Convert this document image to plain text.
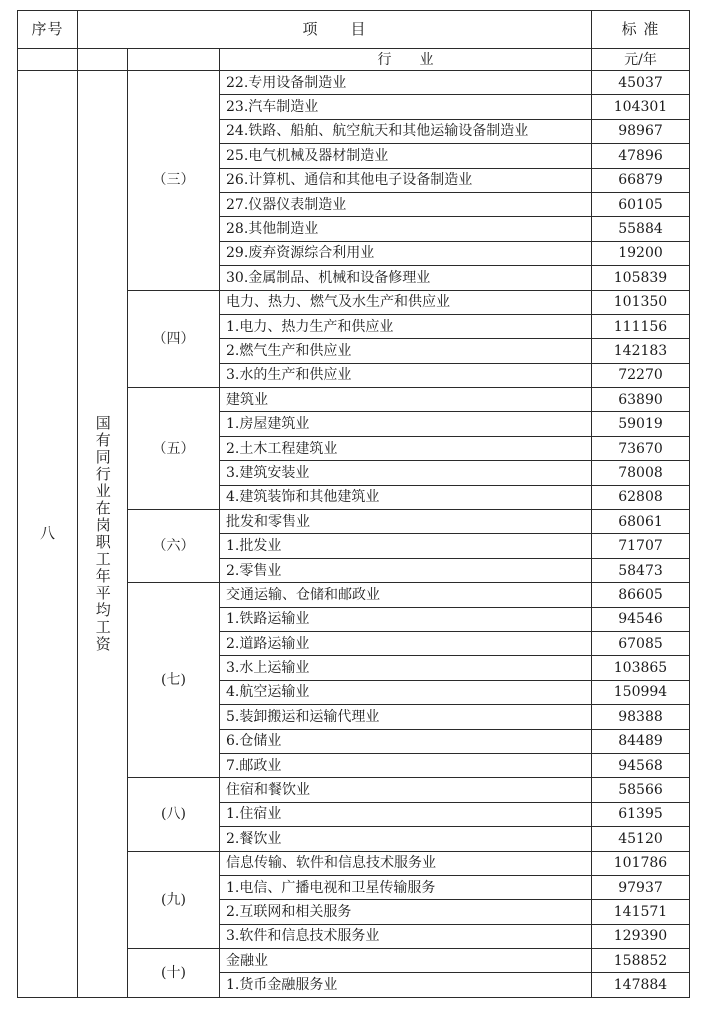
序号	项　　目			标 准
			行　　业	元/年
八	国有同行业在岗职工年平均工资	（三）	22.专用设备制造业	45037
			23.汽车制造业	104301
			24.铁路、船舶、航空航天和其他运输设备制造业	98967
			25.电气机械及器材制造业	47896
			26.计算机、通信和其他电子设备制造业	66879
			27.仪器仪表制造业	60105
			28.其他制造业	55884
			29.废弃资源综合利用业	19200
			30.金属制品、机械和设备修理业	105839
		（四）	电力、热力、燃气及水生产和供应业	101350
			1.电力、热力生产和供应业	111156
			2.燃气生产和供应业	142183
			3.水的生产和供应业	72270
		（五）	建筑业	63890
			1.房屋建筑业	59019
			2.土木工程建筑业	73670
			3.建筑安装业	78008
			4.建筑装饰和其他建筑业	62808
		（六）	批发和零售业	68061
			1.批发业	71707
			2.零售业	58473
		(七)	交通运输、仓储和邮政业	86605
			1.铁路运输业	94546
			2.道路运输业	67085
			3.水上运输业	103865
			4.航空运输业	150994
			5.装卸搬运和运输代理业	98388
			6.仓储业	84489
			7.邮政业	94568
		(八)	住宿和餐饮业	58566
			1.住宿业	61395
			2.餐饮业	45120
		(九)	信息传输、软件和信息技术服务业	101786
			1.电信、广播电视和卫星传输服务	97937
			2.互联网和相关服务	141571
			3.软件和信息技术服务业	129390
		(十)	金融业	158852
			1.货币金融服务业	147884
